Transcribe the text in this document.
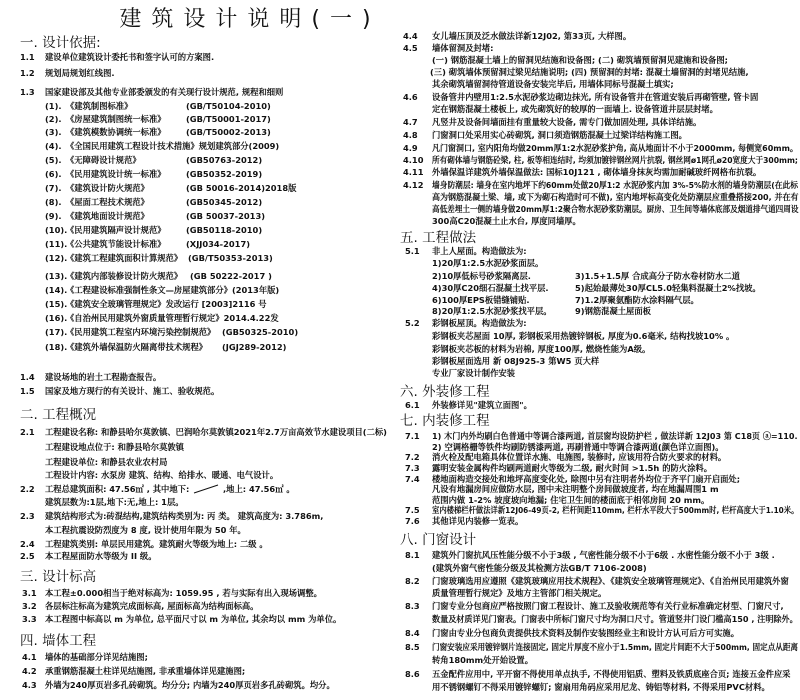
建筑设计说明(一)
一. 设计依据:
1.1 建设单位建筑设计委托书和签字认可的方案图.
1.2 规划局规划红线图.
1.3 国家建设部及其他专业部委颁发的有关现行设计规范, 规程和细则
(1). 《建筑制图标准》	(GB/T50104-2010)
(2). 《房屋建筑制图统一标准》 (GB/T50001-2017)
(3). 《建筑模数协调统一标准》 (GB/T50002-2013)
(4). 《全国民用建筑工程设计技术措施》规划建筑部分(2009)
(5). 《无障碍设计规范》	(GB50763-2012)
(6). 《民用建筑设计统一标准》 (GB50352-2019)
(7). 《建筑设计防火规范》	(GB 50016-2014)2018版
(8). 《屋面工程技术规范》	(GB50345-2012)
(9). 《建筑地面设计规范》	(GB 50037-2013)
(10).
《民用建筑隔声设计规范》 (GB50118-2010)
(11).
《公共建筑节能设计标准》 (XJJ034-2017)
(12).
《建筑工程建筑面积计算规范》 (GB/T50353-2013)
(13).
《建筑内部装修设计防火规范》 (GB 50222-2017 )
(14).
《工程建设标准强制性条文—房屋建筑部分》(2013年版)
(15).
《建筑安全玻璃管理规定》发改运行 [2003]2116 号
(16).
《自治州民用建筑外窗质量管理暂行规定》2014.4.22发
(17).
《民用建筑工程室内环境污染控制规范》 (GB50325-2010)
(18).
《建筑外墙保温防火隔离带技术规程》 (JGJ289-2012)
1.4 建设场地的岩土工程勘查报告。
1.5 国家及地方现行的有关设计、施工、验收规范。
二. 工程概况
2.1 工程建设名称: 和静县哈尔莫敦镇、巴润哈尔莫敦镇2021年2.7万亩高效节水建设项目(二标)
工程建设地点位于: 和静县哈尔莫敦镇
工程建设单位: 和静县农业农村局
工程设计内容: 水泵房 建筑、结构、给排水、暖通、电气设计。
2.2 工程总建筑面积: 47.56㎡ , 其中地下:	,地上: 47.56㎡ 。
建筑层数为:1层,地下:无,地上: 1层。
2.3 建筑结构形式为:砖混结构,建筑结构类别为: 丙 类。 建筑高度为: 3.786m,
本工程抗震设防烈度为 8 度, 设计使用年限为 50 年。
2.4 工程建筑类别: 单层民用建筑。建筑耐火等级为地上: 二级 。
2.5 本工程屋面防水等级为 II 级。
三. 设计标高
3.1 本工程±0.000相当于绝对标高为: 1059.95 , 若与实际有出入现场调整。
3.2 各层标注标高为建筑完成面标高, 屋面标高为结构面标高。
3.3 本工程图中标高以 m 为单位, 总平面尺寸以 m 为单位, 其余均以 mm 为单位。
四. 墙体工程
4.1 墙体的基础部分详见结施图;
4.2 承重钢筋混凝土柱详见结施图, 非承重墙体详见建施图;
4.3 外墙为240厚页岩多孔砖砌筑。均分分; 内墙为240厚页岩多孔砖砌筑。均分。
4.4 女儿墙压顶及泛水做法详新12J02, 第33页, 大样图。
4.5 墙体留洞及封堵:
(一) 钢筋混凝土墙上的留洞见结施和设备图; (二) 砌筑墙预留洞见建施和设备图;
(三) 砌筑墙体预留洞过梁见结施说明; (四) 预留洞的封堵: 混凝土墙留洞的封堵见结施,
其余砌筑墙留洞待管道设备安装完毕后, 用墙体同标号混凝土填实;
4.6 设备管井内壁用1:2.5水泥砂浆边砌边抹光, 所有设备管井在管道安装后再砌管壁, 管卡固
定在钢筋混凝土楼板上, 或先砌筑好的较厚的一面墙上. 设备管道井层层封堵。
4.7 凡竖井及设备间墙面挂有重量较大设备, 需专门做加固处理, 具体详结施。
4.8 门窗洞口处采用实心砖砌筑, 洞口须造钢筋混凝土过梁详结构施工图。
4.9 凡门窗洞口, 室内阳角均做20mm厚1:2水泥砂浆护角, 高从地面计不小于2000mm, 每侧宽60mm。
4.10 所有砌体墙与钢筋砼梁, 柱, 板等相连结时, 均须加镀锌钢丝网片抗裂, 钢丝网ø1网孔ø20宽度大于300mm;
4.11 外墙保温详建筑外墙保温做法: 国标10J121 , 砌体墙身抹灰均需加耐碱玻纤网格布抗裂。
4.12 墙身防潮层: 墙身在室内地坪下约60mm处做20厚1:2 水泥砂浆内加 3%-5%防水剂的墙身防潮层(在此标
高为钢筋混凝土梁、墙, 或下为砌石构造时可不做), 室内地坪标高变化处防潮层应重叠搭接200, 并在有
高低差埋土一侧的墙身做20mm厚1:2聚合物水泥砂浆防潮层。厨房、卫生间等墙体底部及烟道排气道四周设
300高C20混凝土止水台, 厚度同墙厚。
五. 工程做法
5.1 非上人屋面。构造做法为:
1)20厚1:2.5水泥砂浆面层。
2)10厚低标号砂浆隔离层.	3)1.5+1.5厚 合成高分子防水卷材防水二道
4)30厚C20细石混凝土找平层.	5)起始最薄处30厚CL5.0轻集料混凝土2%找坡。
6)100厚EPS板错缝铺贴.	7)1.2厚聚氨酯防水涂料隔气层。
8)20厚1:2.5水泥砂浆找平层。	9)钢筋混凝土屋面板
5.2 彩钢板屋顶。构造做法为:
彩钢板夹芯屋面 10厚, 彩钢板采用热镀锌钢板, 厚度为0.6毫米, 结构找坡10% 。
彩钢板夹芯板的材料为岩棉, 厚度100厚, 燃烧性能为A级。
彩钢板屋面选用 新 08J925-3 第W5 页大样
专业厂家设计制作安装
六. 外装修工程
6.1 外装修详见"建筑立面图"。
七. 内装修工程
7.1 1) 木门内外均刷白色普通中等调合漆两道, 首层窗均设防护栏 , 做法详新 12J03 第 C18页 ⓐ=110.
2) 空调格栅等铁件均刷防锈漆两道, 再刷普通中等调合漆两道(颜色详立面图)。
7.2 消火栓及配电箱具体位置详水施、电施图, 装修时, 应该用符合防火要求的材料。
7.3 露明安装金属构件均刷两道耐火等级为二级, 耐火时间 >1.5h 的防火涂料。
7.4 楼地面构造交接处和地坪高度变化处, 除图中另有注明者外均位于齐平门扇开启面处;
凡设有地漏房间应做防水层, 图中未注明整个房间做坡度者, 均在地漏周围1 m
范围内做 1-2% 坡度坡向地漏; 住宅卫生间的楼面底于相邻房间 20 mm。
7.5 室内楼梯栏杆做法详新12J06-49页-2, 栏杆间距110mm, 栏杆水平段大于500mm时, 栏杆高度大于1.10米。
7.6 其他详见内装修一览表。
八. 门窗设计
8.1 建筑外门窗抗风压性能分级不小于3级 , 气密性能分级不小于6级 . 水密性能分级不小于 3级 .
(建筑外窗气密性能分级及其检测方法GB/T 7106-2008)
8.2 门窗玻璃选用应遵照《建筑玻璃应用技术规程》、《建筑安全玻璃管理规定》、《自治州民用建筑外窗
质量管理暂行规定》及地方主管部门相关规定。
8.3 门窗专业分包商应严格按照门窗工程设计、施工及验收规范等有关行业标准确定材型、门窗尺寸,
数量及材质详见门窗表。门窗表中所标门窗尺寸均为洞口尺寸。管道竖井门设门槛高150 , 注明除外。
8.4 门窗由专业分包商负责提供技术资料及制作安装图经业主和设计方认可后方可实施。
8.5 门窗安装应采用镀锌钢片连接固定, 固定片厚度不应小于1.5mm, 固定片间距不大于500mm, 固定点从距离
转角180mm处开始设置。
8.6 五金配件应用中, 平开窗不得使用单点执手, 不得使用铝质、塑料及铁质底座合页; 连接五金件应采
用不锈钢螺钉不得采用镀锌螺钉; 窗扇用角码应采用尼龙、铸铝等材料, 不得采用PVC材料。
